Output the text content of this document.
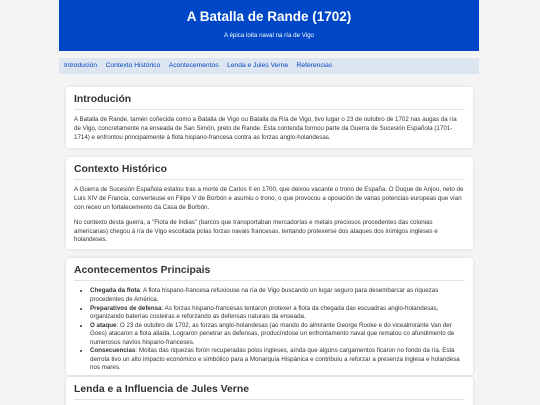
A Batalla de Rande (1702)

A épica loita naval na ría de Vigo

Introdución Contexto Histórico Acontecementos Lenda e Jules Verne Referencias
Introdución

A Batalla de Rande, tamén coñecida como a Batalla de Vigo ou Batalla da Ría de Vigo, tivo lugar o 23 de outubro de 1702 nas augas da ría de Vigo, concretamente na enseada de San Simón, preto de Rande. Esta contenda formou parte da Guerra de Sucesión Española (1701-1714) e enfrontou principalmente á flota hispano-francesa contra as forzas anglo-holandesas.

Contexto Histórico

A Guerra de Sucesión Española estalou tras a morte de Carlos II en 1700, que deixou vacante o trono de España. O Duque de Anjou, neto de Luís XIV de Francia, converteuse en Filipe V de Borbón e asumiu o trono, o que provocou a oposición de varias potencias europeas que vían con receo un fortalecemento da Casa de Borbón.

No contexto desta guerra, a "Flota de Indias" (barcos que transportaban mercadorías e metais preciosos procedentes das colonias americanas) chegou á ría de Vigo escoltada polas forzas navais francesas, tentando protexerse dos ataques dos inimigos ingleses e holandeses.

Acontecementos Principais
• Chegada da flota: A flota hispano-francesa refuxiouse na ría de Vigo buscando un lugar seguro para desembarcar as riquezas procedentes de América.
• Preparativos de defensa: As forzas hispano-francesas tentaron protexer a flota da chegada das escuadras anglo-holandesas, organizando baterías costeiras e reforzando as defensas naturais da enseada.
• O ataque: O 23 de outubro de 1702, as forzas anglo-holandesas (ao mando do almirante George Rooke e do vicealmirante Van der Goes) atacaron a flota aliada. Lograron penetrar as defensas, producíndose un enfrontamento naval que rematou co afundimento de numerosos navíos hispano-franceses.
• Consecuencias: Moitas das riquezas foron recuperadas polos ingleses, aínda que algúns cargamentos ficaron no fondo da ría. Esta derrota tivo un alto impacto económico e simbólico para a Monarquía Hispánica e contribuíu a reforzar a presenza inglesa e holandesa nos mares.
Lenda e a Influencia de Jules Verne
